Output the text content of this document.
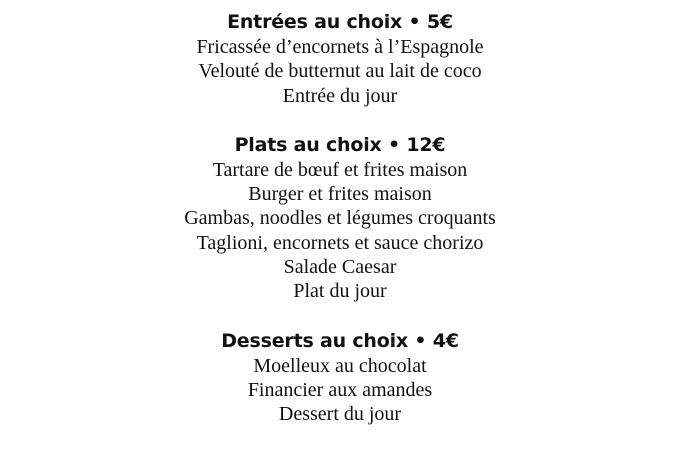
Entrées au choix • 5€
Fricassée d’encornets à l’Espagnole
Velouté de butternut au lait de coco
Entrée du jour
Plats au choix • 12€
Tartare de bœuf et frites maison
Burger et frites maison
Gambas, noodles et légumes croquants
Taglioni, encornets et sauce chorizo
Salade Caesar
Plat du jour
Desserts au choix • 4€
Moelleux au chocolat
Financier aux amandes
Dessert du jour
